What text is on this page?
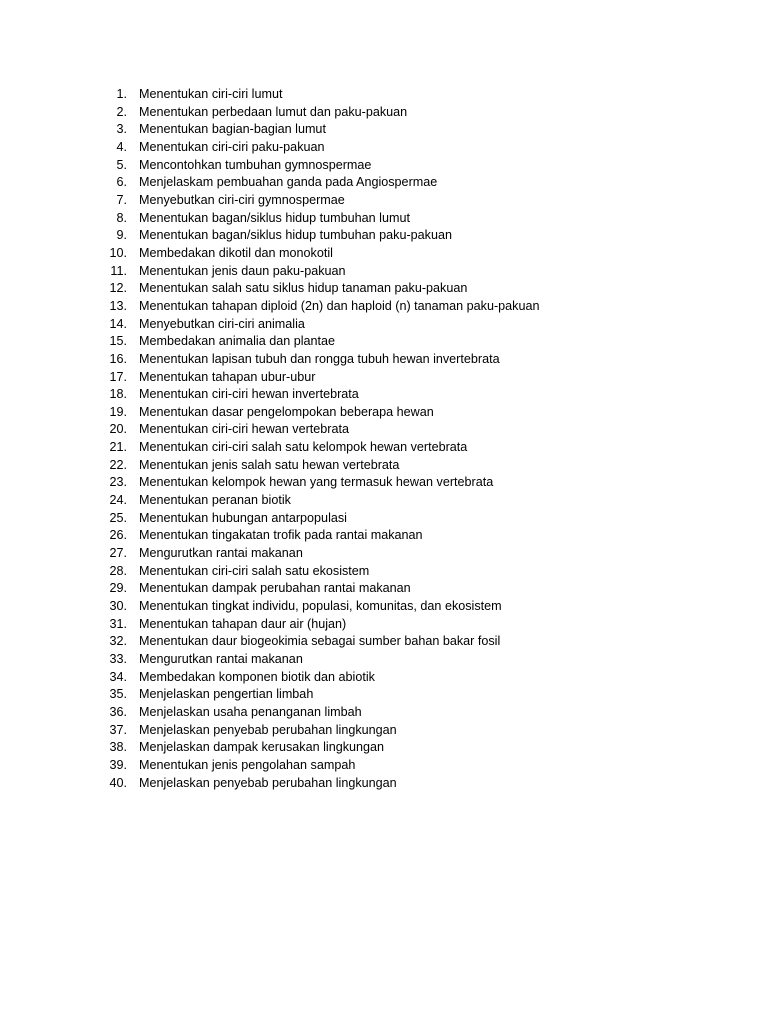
1. Menentukan ciri-ciri lumut
2. Menentukan perbedaan lumut dan paku-pakuan
3. Menentukan bagian-bagian lumut
4. Menentukan ciri-ciri paku-pakuan
5. Mencontohkan tumbuhan gymnospermae
6. Menjelaskam pembuahan ganda pada Angiospermae
7. Menyebutkan ciri-ciri gymnospermae
8. Menentukan bagan/siklus hidup tumbuhan lumut
9. Menentukan bagan/siklus hidup tumbuhan paku-pakuan
10. Membedakan dikotil dan monokotil
11. Menentukan jenis daun paku-pakuan
12. Menentukan salah satu siklus hidup tanaman paku-pakuan
13. Menentukan tahapan diploid (2n) dan haploid (n) tanaman paku-pakuan
14. Menyebutkan ciri-ciri animalia
15. Membedakan animalia dan plantae
16. Menentukan lapisan tubuh dan rongga tubuh hewan invertebrata
17. Menentukan tahapan ubur-ubur
18. Menentukan ciri-ciri hewan invertebrata
19. Menentukan dasar pengelompokan beberapa hewan
20. Menentukan ciri-ciri hewan vertebrata
21. Menentukan ciri-ciri salah satu kelompok hewan vertebrata
22. Menentukan jenis salah satu hewan vertebrata
23. Menentukan kelompok hewan yang termasuk hewan vertebrata
24. Menentukan peranan biotik
25. Menentukan hubungan antarpopulasi
26. Menentukan tingakatan trofik pada rantai makanan
27. Mengurutkan rantai makanan
28. Menentukan ciri-ciri salah satu ekosistem
29. Menentukan dampak perubahan rantai makanan
30. Menentukan tingkat individu, populasi, komunitas, dan ekosistem
31. Menentukan tahapan daur air (hujan)
32. Menentukan daur biogeokimia sebagai sumber bahan bakar fosil
33. Mengurutkan rantai makanan
34. Membedakan komponen biotik dan abiotik
35. Menjelaskan pengertian limbah
36. Menjelaskan usaha penanganan limbah
37. Menjelaskan penyebab perubahan lingkungan
38. Menjelaskan dampak kerusakan lingkungan
39. Menentukan jenis pengolahan sampah
40. Menjelaskan penyebab perubahan lingkungan
